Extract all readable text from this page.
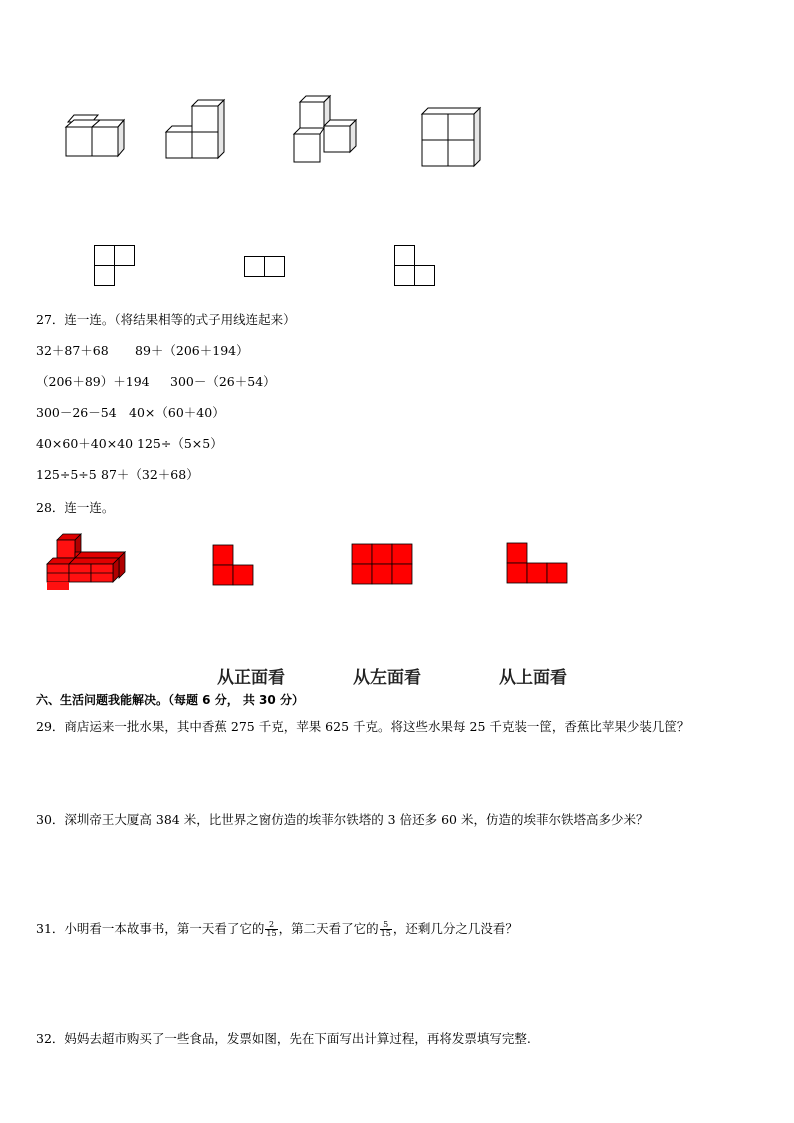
27．连一连。（将结果相等的式子用线连起来）
32＋87＋68 89＋（206＋194）
（206＋89）＋194 300－（26＋54）
300－26－54 40×（60＋40）
40×60＋40×40 125÷（5×5）
125÷5÷5 87＋（32＋68）
28．连一连。
从正面看	从左面看	从上面看
六、生活问题我能解决。（每题 6 分， 共 30 分）
29．商店运来一批水果，其中香蕉 275 千克，苹果 625 千克。将这些水果每 25 千克装一筐，香蕉比苹果少装几筐？
30．深圳帝王大厦高 384 米，比世界之窗仿造的埃菲尔铁塔的 3 倍还多 60 米，仿造的埃菲尔铁塔高多少米？
31．小明看一本故事书，第一天看了它的 $\frac{2}{15}$ ，第二天看了它的 $\frac{5}{15}$ ，还剩几分之几没看？
32．妈妈去超市购买了一些食品，发票如图，先在下面写出计算过程，再将发票填写完整.
